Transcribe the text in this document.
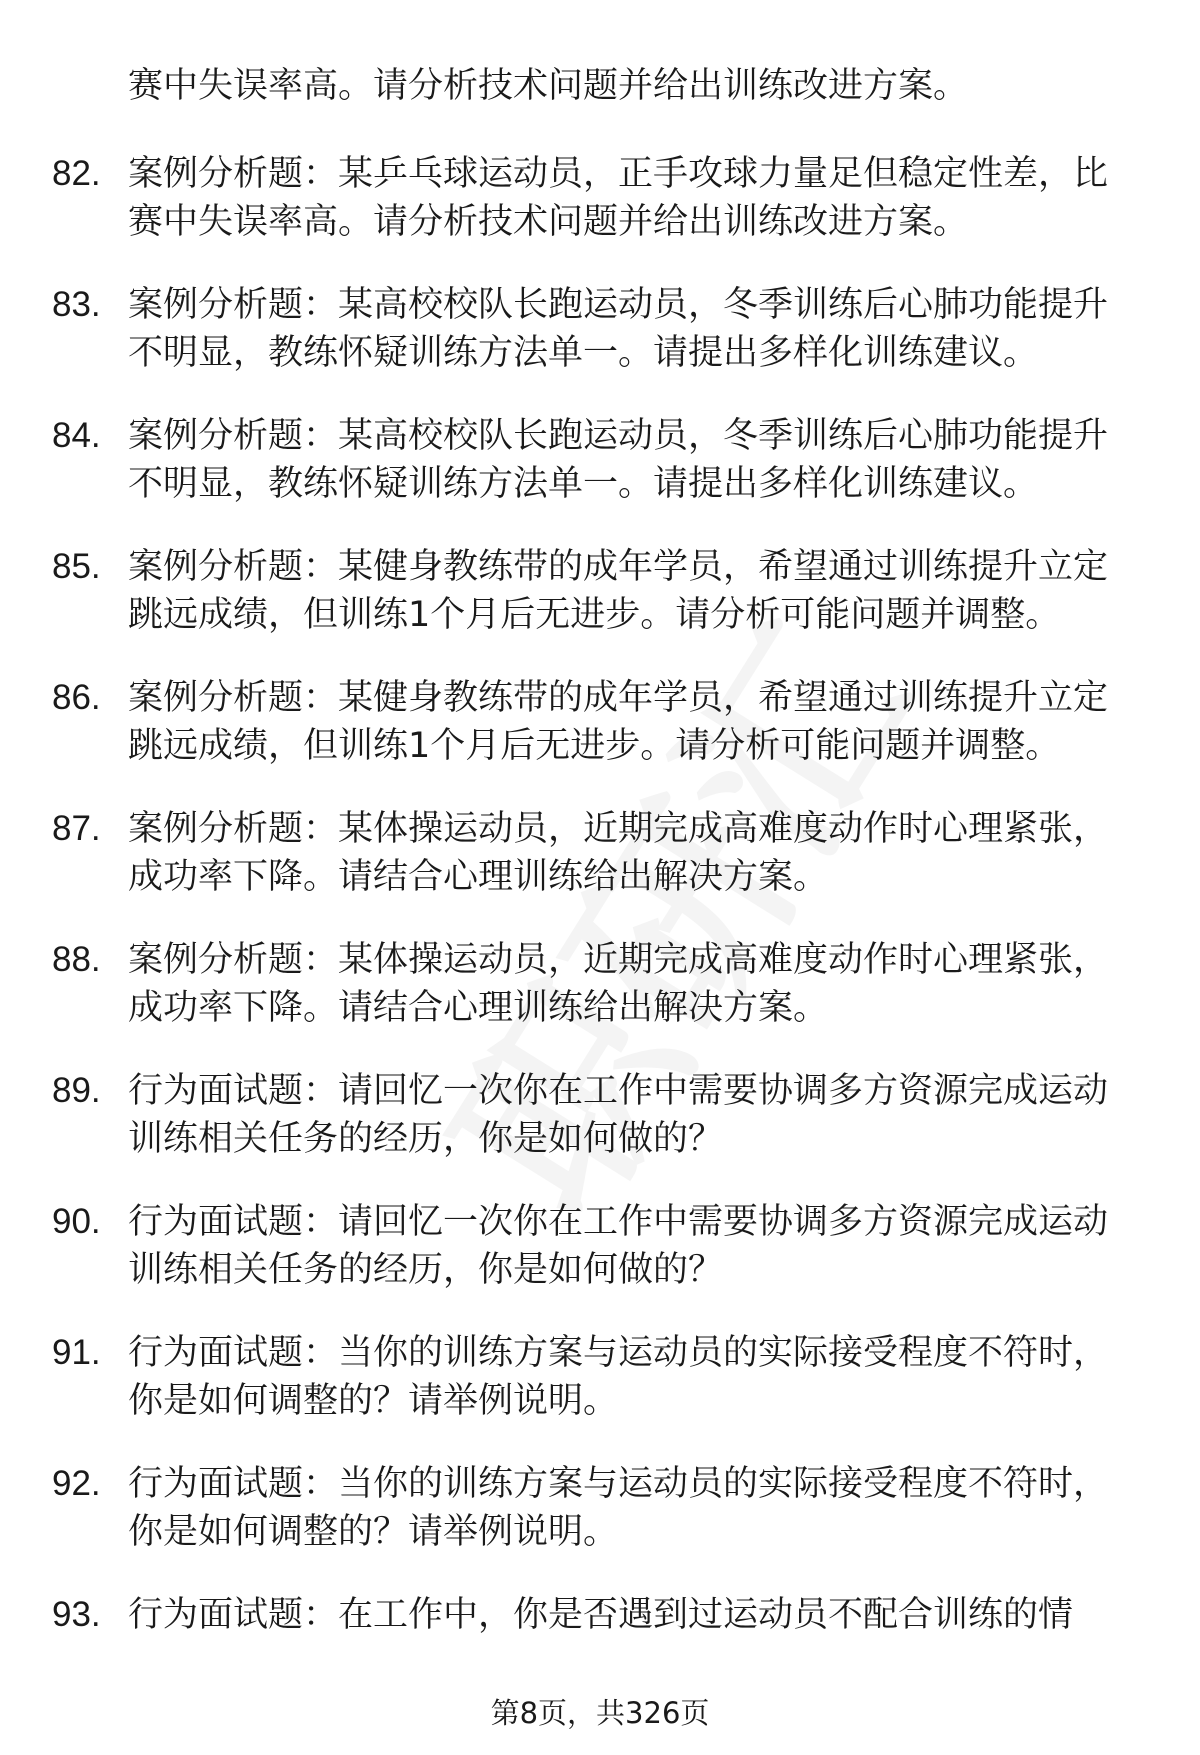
赛中失误率高。请分析技术问题并给出训练改进方案。

82. 案例分析题：某乒乓球运动员，正手攻球力量足但稳定性差，比赛中失误率高。请分析技术问题并给出训练改进方案。

83. 案例分析题：某高校校队长跑运动员，冬季训练后心肺功能提升不明显，教练怀疑训练方法单一。请提出多样化训练建议。

84. 案例分析题：某高校校队长跑运动员，冬季训练后心肺功能提升不明显，教练怀疑训练方法单一。请提出多样化训练建议。

85. 案例分析题：某健身教练带的成年学员，希望通过训练提升立定跳远成绩，但训练1个月后无进步。请分析可能问题并调整。

86. 案例分析题：某健身教练带的成年学员，希望通过训练提升立定跳远成绩，但训练1个月后无进步。请分析可能问题并调整。

87. 案例分析题：某体操运动员，近期完成高难度动作时心理紧张，成功率下降。请结合心理训练给出解决方案。

88. 案例分析题：某体操运动员，近期完成高难度动作时心理紧张，成功率下降。请结合心理训练给出解决方案。

89. 行为面试题：请回忆一次你在工作中需要协调多方资源完成运动训练相关任务的经历，你是如何做的？

90. 行为面试题：请回忆一次你在工作中需要协调多方资源完成运动训练相关任务的经历，你是如何做的？

91. 行为面试题：当你的训练方案与运动员的实际接受程度不符时，你是如何调整的？请举例说明。

92. 行为面试题：当你的训练方案与运动员的实际接受程度不符时，你是如何调整的？请举例说明。

93. 行为面试题：在工作中，你是否遇到过运动员不配合训练的情

第8页，共326页
